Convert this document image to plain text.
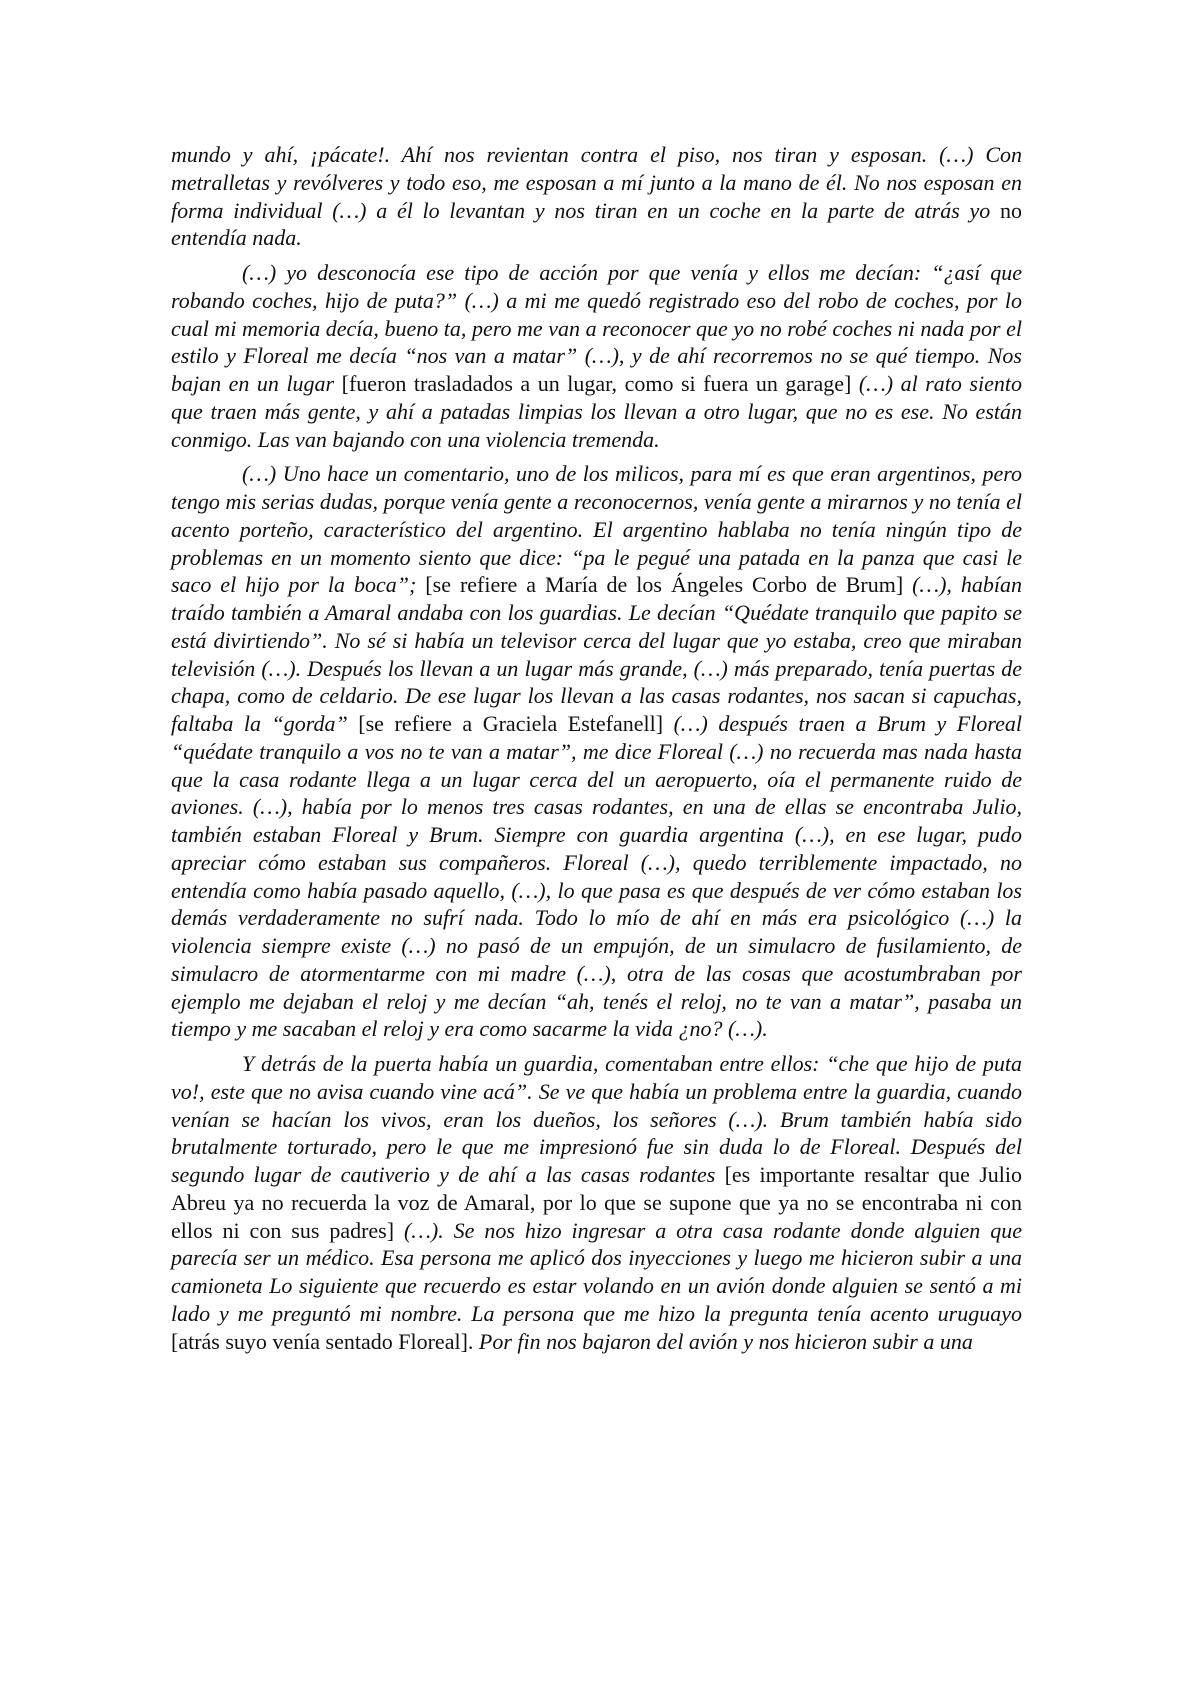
mundo y ahí, ¡pácate!. Ahí nos revientan contra el piso, nos tiran y esposan. (…) Con metralletas y revólveres y todo eso, me esposan a mí junto a la mano de él. No nos esposan en forma individual (…) a él lo levantan y nos tiran en un coche en la parte de atrás yo no entendía nada.

(…) yo desconocía ese tipo de acción por que venía y ellos me decían: “¿así que robando coches, hijo de puta?” (…) a mi me quedó registrado eso del robo de coches, por lo cual mi memoria decía, bueno ta, pero me van a reconocer que yo no robé coches ni nada por el estilo y Floreal me decía “nos van a matar” (…), y de ahí recorremos no se qué tiempo. Nos bajan en un lugar [fueron trasladados a un lugar, como si fuera un garage] (…) al rato siento que traen más gente, y ahí a patadas limpias los llevan a otro lugar, que no es ese. No están conmigo. Las van bajando con una violencia tremenda.

(…) Uno hace un comentario, uno de los milicos, para mí es que eran argentinos, pero tengo mis serias dudas, porque venía gente a reconocernos, venía gente a mirarnos y no tenía el acento porteño, característico del argentino. El argentino hablaba no tenía ningún tipo de problemas en un momento siento que dice: “pa le pegué una patada en la panza que casi le saco el hijo por la boca”; [se refiere a María de los Ángeles Corbo de Brum] (…), habían traído también a Amaral andaba con los guardias. Le decían “Quédate tranquilo que papito se está divirtiendo”. No sé si había un televisor cerca del lugar que yo estaba, creo que miraban televisión (…). Después los llevan a un lugar más grande, (…) más preparado, tenía puertas de chapa, como de celdario. De ese lugar los llevan a las casas rodantes, nos sacan si capuchas, faltaba la “gorda” [se refiere a Graciela Estefanell] (…) después traen a Brum y Floreal “quédate tranquilo a vos no te van a matar”, me dice Floreal (…) no recuerda mas nada hasta que la casa rodante llega a un lugar cerca del un aeropuerto, oía el permanente ruido de aviones. (…), había por lo menos tres casas rodantes, en una de ellas se encontraba Julio, también estaban Floreal y Brum. Siempre con guardia argentina (…), en ese lugar, pudo apreciar cómo estaban sus compañeros. Floreal (…), quedo terriblemente impactado, no entendía como había pasado aquello, (…), lo que pasa es que después de ver cómo estaban los demás verdaderamente no sufrí nada. Todo lo mío de ahí en más era psicológico (…) la violencia siempre existe (…) no pasó de un empujón, de un simulacro de fusilamiento, de simulacro de atormentarme con mi madre (…), otra de las cosas que acostumbraban por ejemplo me dejaban el reloj y me decían “ah, tenés el reloj, no te van a matar”, pasaba un tiempo y me sacaban el reloj y era como sacarme la vida ¿no? (…).

Y detrás de la puerta había un guardia, comentaban entre ellos: “che que hijo de puta vo!, este que no avisa cuando vine acá”. Se ve que había un problema entre la guardia, cuando venían se hacían los vivos, eran los dueños, los señores (…). Brum también había sido brutalmente torturado, pero le que me impresionó fue sin duda lo de Floreal. Después del segundo lugar de cautiverio y de ahí a las casas rodantes [es importante resaltar que Julio Abreu ya no recuerda la voz de Amaral, por lo que se supone que ya no se encontraba ni con ellos ni con sus padres] (…). Se nos hizo ingresar a otra casa rodante donde alguien que parecía ser un médico. Esa persona me aplicó dos inyecciones y luego me hicieron subir a una camioneta Lo siguiente que recuerdo es estar volando en un avión donde alguien se sentó a mi lado y me preguntó mi nombre. La persona que me hizo la pregunta tenía acento uruguayo [atrás suyo venía sentado Floreal]. Por fin nos bajaron del avión y nos hicieron subir a una
